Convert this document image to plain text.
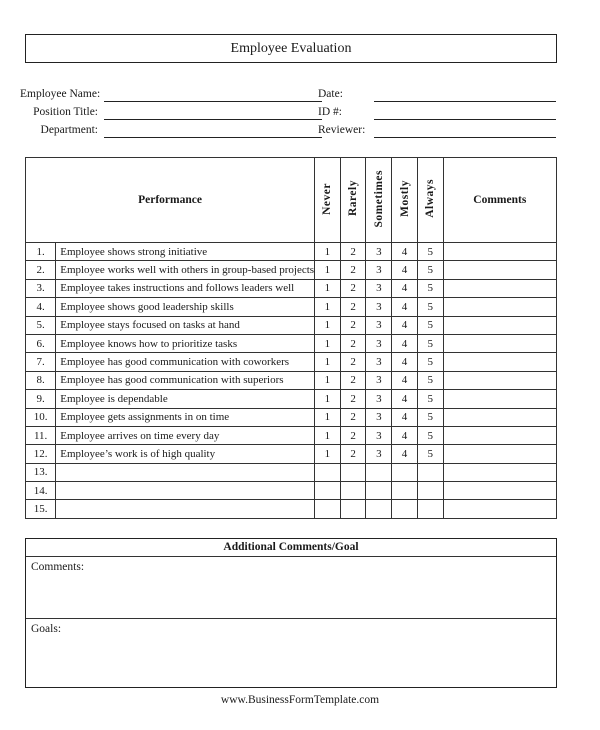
Employee Evaluation
Employee Name:
Position Title:
Department:
Date:
ID #:
Reviewer:
Performance		Never	Rarely	Sometimes	Mostly	Always	Comments
1.	Employee shows strong initiative	1	2	3	4	5	
2.	Employee works well with others in group-based projects	1	2	3	4	5	
3.	Employee takes instructions and follows leaders well	1	2	3	4	5	
4.	Employee shows good leadership skills	1	2	3	4	5	
5.	Employee stays focused on tasks at hand	1	2	3	4	5	
6.	Employee knows how to prioritize tasks	1	2	3	4	5	
7.	Employee has good communication with coworkers	1	2	3	4	5	
8.	Employee has good communication with superiors	1	2	3	4	5	
9.	Employee is dependable	1	2	3	4	5	
10.	Employee gets assignments in on time	1	2	3	4	5	
11.	Employee arrives on time every day	1	2	3	4	5	
12.	Employee’s work is of high quality	1	2	3	4	5	
13.							
14.							
15.							
Additional Comments/Goal
Comments:
Goals:
www.BusinessFormTemplate.com
